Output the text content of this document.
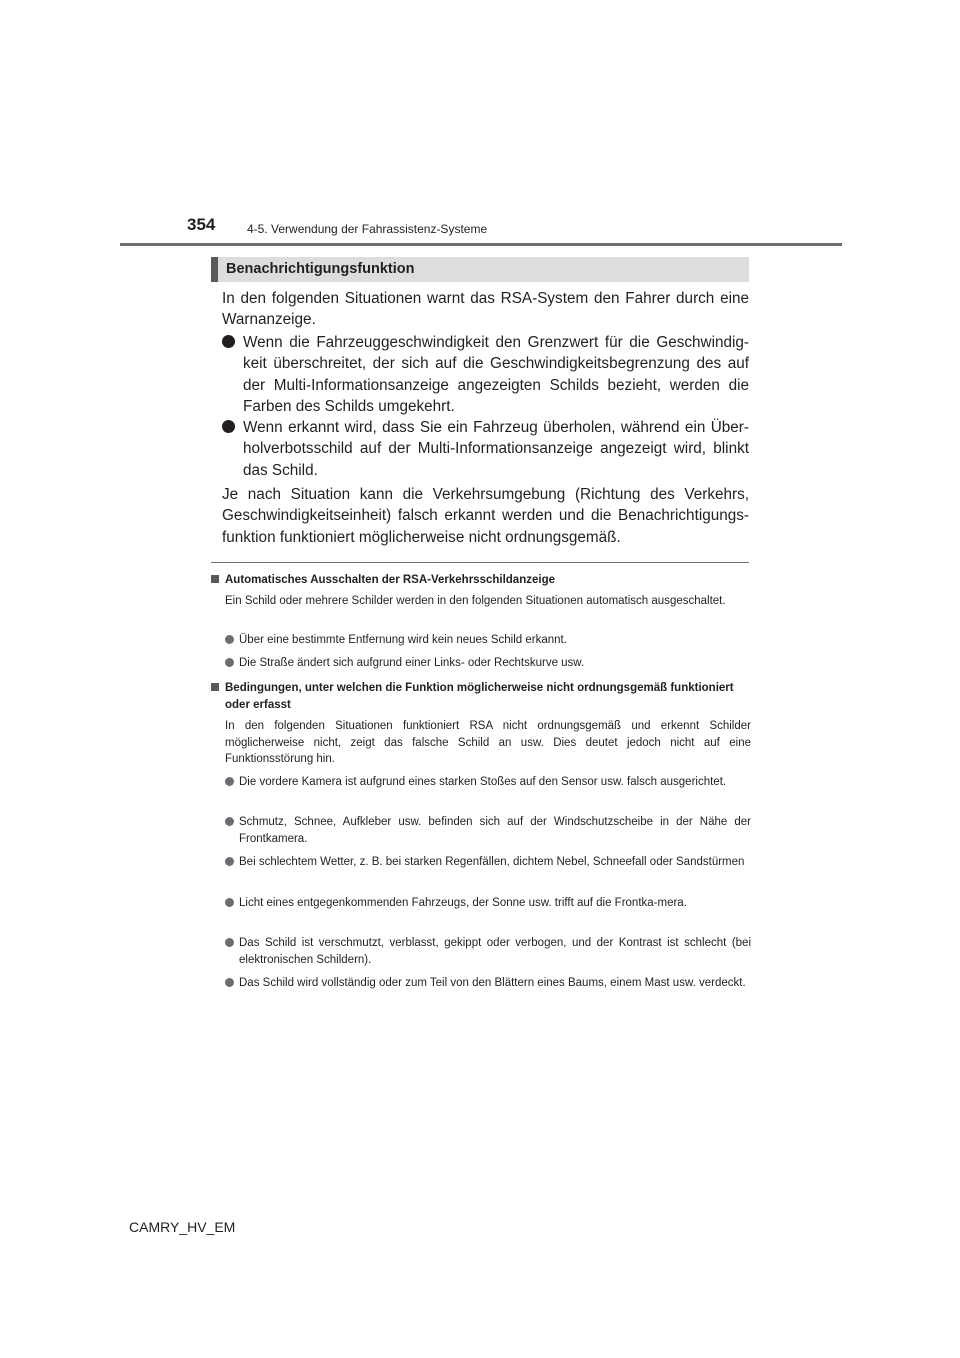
354	4-5. Verwendung der Fahrassistenz-Systeme
Benachrichtigungsfunktion

In den folgenden Situationen warnt das RSA-System den Fahrer durch eine Warnanzeige.

Wenn die Fahrzeuggeschwindigkeit den Grenzwert für die Geschwindig-keit überschreitet, der sich auf die Geschwindigkeitsbegrenzung des auf der Multi-Informationsanzeige angezeigten Schilds bezieht, werden die Farben des Schilds umgekehrt.

Wenn erkannt wird, dass Sie ein Fahrzeug überholen, während ein Über-holverbotsschild auf der Multi-Informationsanzeige angezeigt wird, blinkt das Schild.

Je nach Situation kann die Verkehrsumgebung (Richtung des Verkehrs, Geschwindigkeitseinheit) falsch erkannt werden und die Benachrichtigungs-funktion funktioniert möglicherweise nicht ordnungsgemäß.

Automatisches Ausschalten der RSA-Verkehrsschildanzeige

Ein Schild oder mehrere Schilder werden in den folgenden Situationen automatisch ausgeschaltet.

Über eine bestimmte Entfernung wird kein neues Schild erkannt.

Die Straße ändert sich aufgrund einer Links- oder Rechtskurve usw.

Bedingungen, unter welchen die Funktion möglicherweise nicht ordnungsgemäß funktioniert oder erfasst

In den folgenden Situationen funktioniert RSA nicht ordnungsgemäß und erkennt Schilder möglicherweise nicht, zeigt das falsche Schild an usw. Dies deutet jedoch nicht auf eine Funktionsstörung hin.

Die vordere Kamera ist aufgrund eines starken Stoßes auf den Sensor usw. falsch ausgerichtet.

Schmutz, Schnee, Aufkleber usw. befinden sich auf der Windschutzscheibe in der Nähe der Frontkamera.

Bei schlechtem Wetter, z. B. bei starken Regenfällen, dichtem Nebel, Schneefall oder Sandstürmen

Licht eines entgegenkommenden Fahrzeugs, der Sonne usw. trifft auf die Frontka-mera.

Das Schild ist verschmutzt, verblasst, gekippt oder verbogen, und der Kontrast ist schlecht (bei elektronischen Schildern).

Das Schild wird vollständig oder zum Teil von den Blättern eines Baums, einem Mast usw. verdeckt.

CAMRY_HV_EM
